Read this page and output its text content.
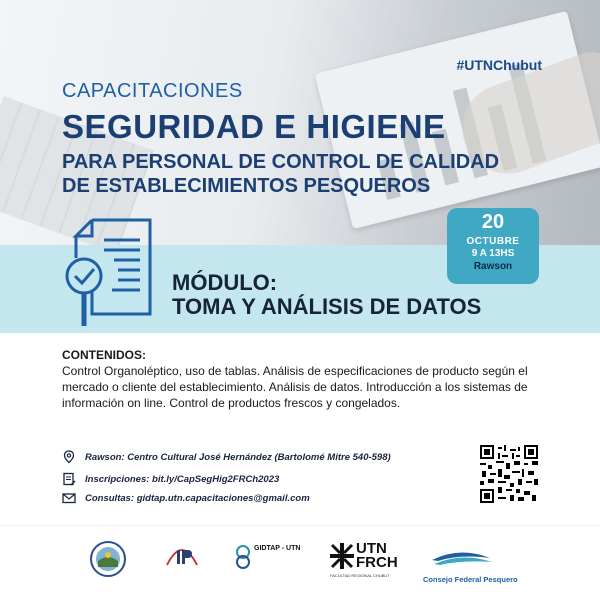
#UTNChubut
CAPACITACIONES
SEGURIDAD E HIGIENE
PARA PERSONAL DE CONTROL DE CALIDAD
DE ESTABLECIMIENTOS PESQUEROS
20
OCTUBRE
9 A 13HS
Rawson
MÓDULO:
TOMA Y ANÁLISIS DE DATOS
CONTENIDOS:
Control Organoléptico, uso de tablas. Análisis de especificaciones de producto según el mercado o cliente del establecimiento. Análisis de datos. Introducción a los sistemas de información on line. Control de productos frescos y congelados.
Rawson: Centro Cultural José Hernández (Bartolomé Mitre 540-598)
Inscripciones: bit.ly/CapSegHig2FRCh2023
Consultas: gidtap.utn.capacitaciones@gmail.com
GIDTAP - UTN	UTN
FRCH
FACULTAD REGIONAL CHUBUT	Consejo Federal Pesquero
